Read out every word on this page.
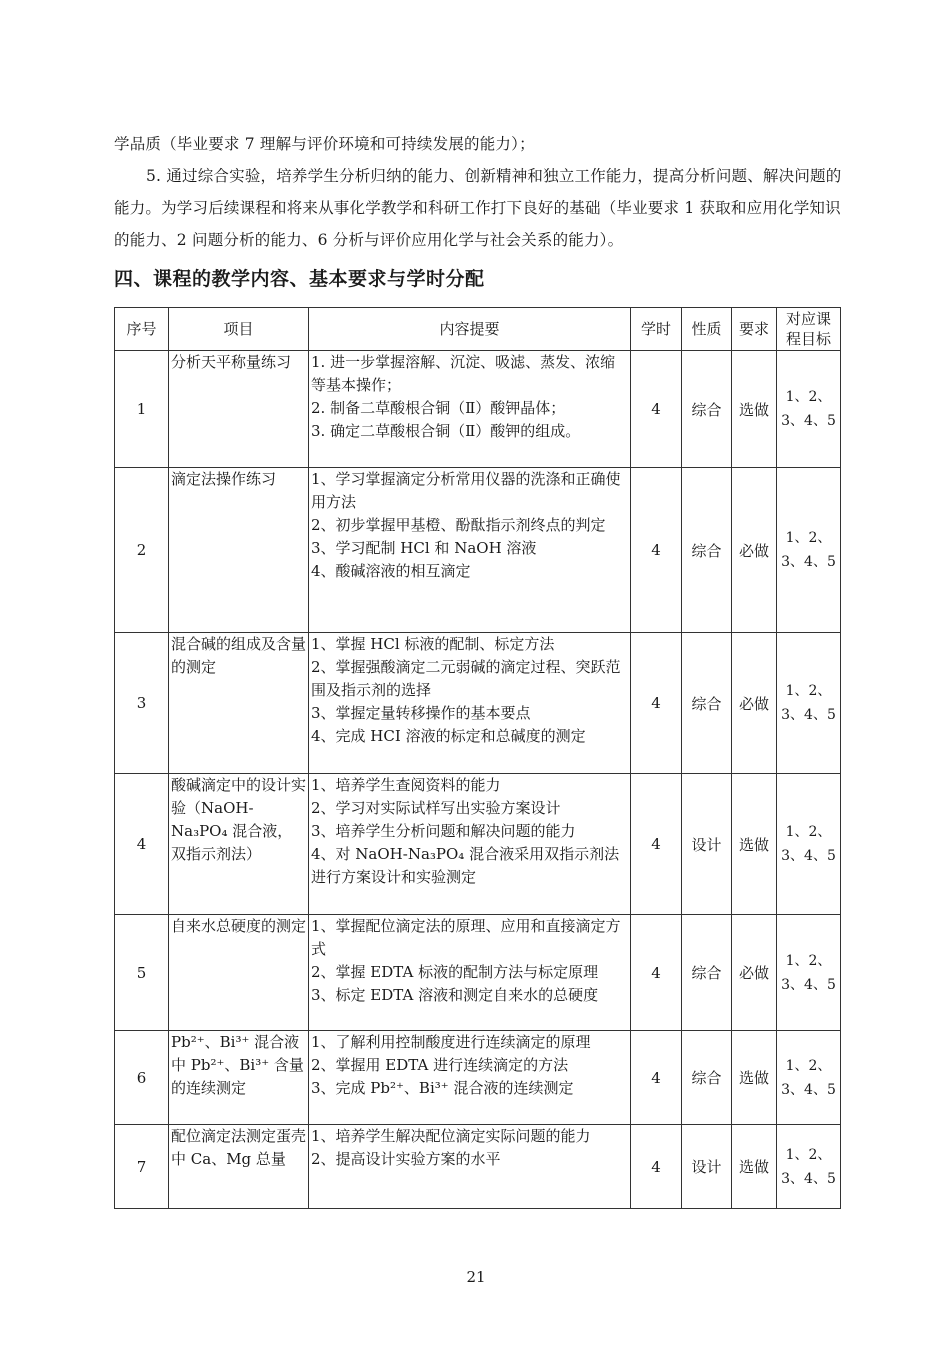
学品质（毕业要求 7 理解与评价环境和可持续发展的能力）；
5. 通过综合实验，培养学生分析归纳的能力、创新精神和独立工作能力，提高分析问题、解决问题的能力。为学习后续课程和将来从事化学教学和科研工作打下良好的基础（毕业要求 1 获取和应用化学知识的能力、2 问题分析的能力、6 分析与评价应用化学与社会关系的能力）。
四、课程的教学内容、基本要求与学时分配
序号	项目	内容提要	学时	性质	要求	对应课程目标
1	分析天平称量练习	1. 进一步掌握溶解、沉淀、吸滤、蒸发、浓缩等基本操作；
2. 制备二草酸根合铜（Ⅱ）酸钾晶体；
3. 确定二草酸根合铜（Ⅱ）酸钾的组成。	4	综合	选做	1、2、3、4、5
2	滴定法操作练习	1、学习掌握滴定分析常用仪器的洗涤和正确使用方法
2、初步掌握甲基橙、酚酞指示剂终点的判定
3、学习配制 HCl 和 NaOH 溶液
4、酸碱溶液的相互滴定	4	综合	必做	1、2、3、4、5
3	混合碱的组成及含量的测定	1、掌握 HCl 标液的配制、标定方法
2、掌握强酸滴定二元弱碱的滴定过程、突跃范围及指示剂的选择
3、掌握定量转移操作的基本要点
4、完成 HCI 溶液的标定和总碱度的测定	4	综合	必做	1、2、3、4、5
4	酸碱滴定中的设计实验（NaOH-Na₃PO₄ 混合液，双指示剂法）	1、培养学生查阅资料的能力
2、学习对实际试样写出实验方案设计
3、培养学生分析问题和解决问题的能力
4、对 NaOH-Na₃PO₄ 混合液采用双指示剂法进行方案设计和实验测定	4	设计	选做	1、2、3、4、5
5	自来水总硬度的测定	1、掌握配位滴定法的原理、应用和直接滴定方式
2、掌握 EDTA 标液的配制方法与标定原理
3、标定 EDTA 溶液和测定自来水的总硬度	4	综合	必做	1、2、3、4、5
6	Pb²⁺、Bi³⁺ 混合液中 Pb²⁺、Bi³⁺ 含量的连续测定	1、了解利用控制酸度进行连续滴定的原理
2、掌握用 EDTA 进行连续滴定的方法
3、完成 Pb²⁺、Bi³⁺ 混合液的连续测定	4	综合	选做	1、2、3、4、5
7	配位滴定法测定蛋壳中 Ca、Mg 总量	1、培养学生解决配位滴定实际问题的能力
2、提高设计实验方案的水平	4	设计	选做	1、2、3、4、5
21
